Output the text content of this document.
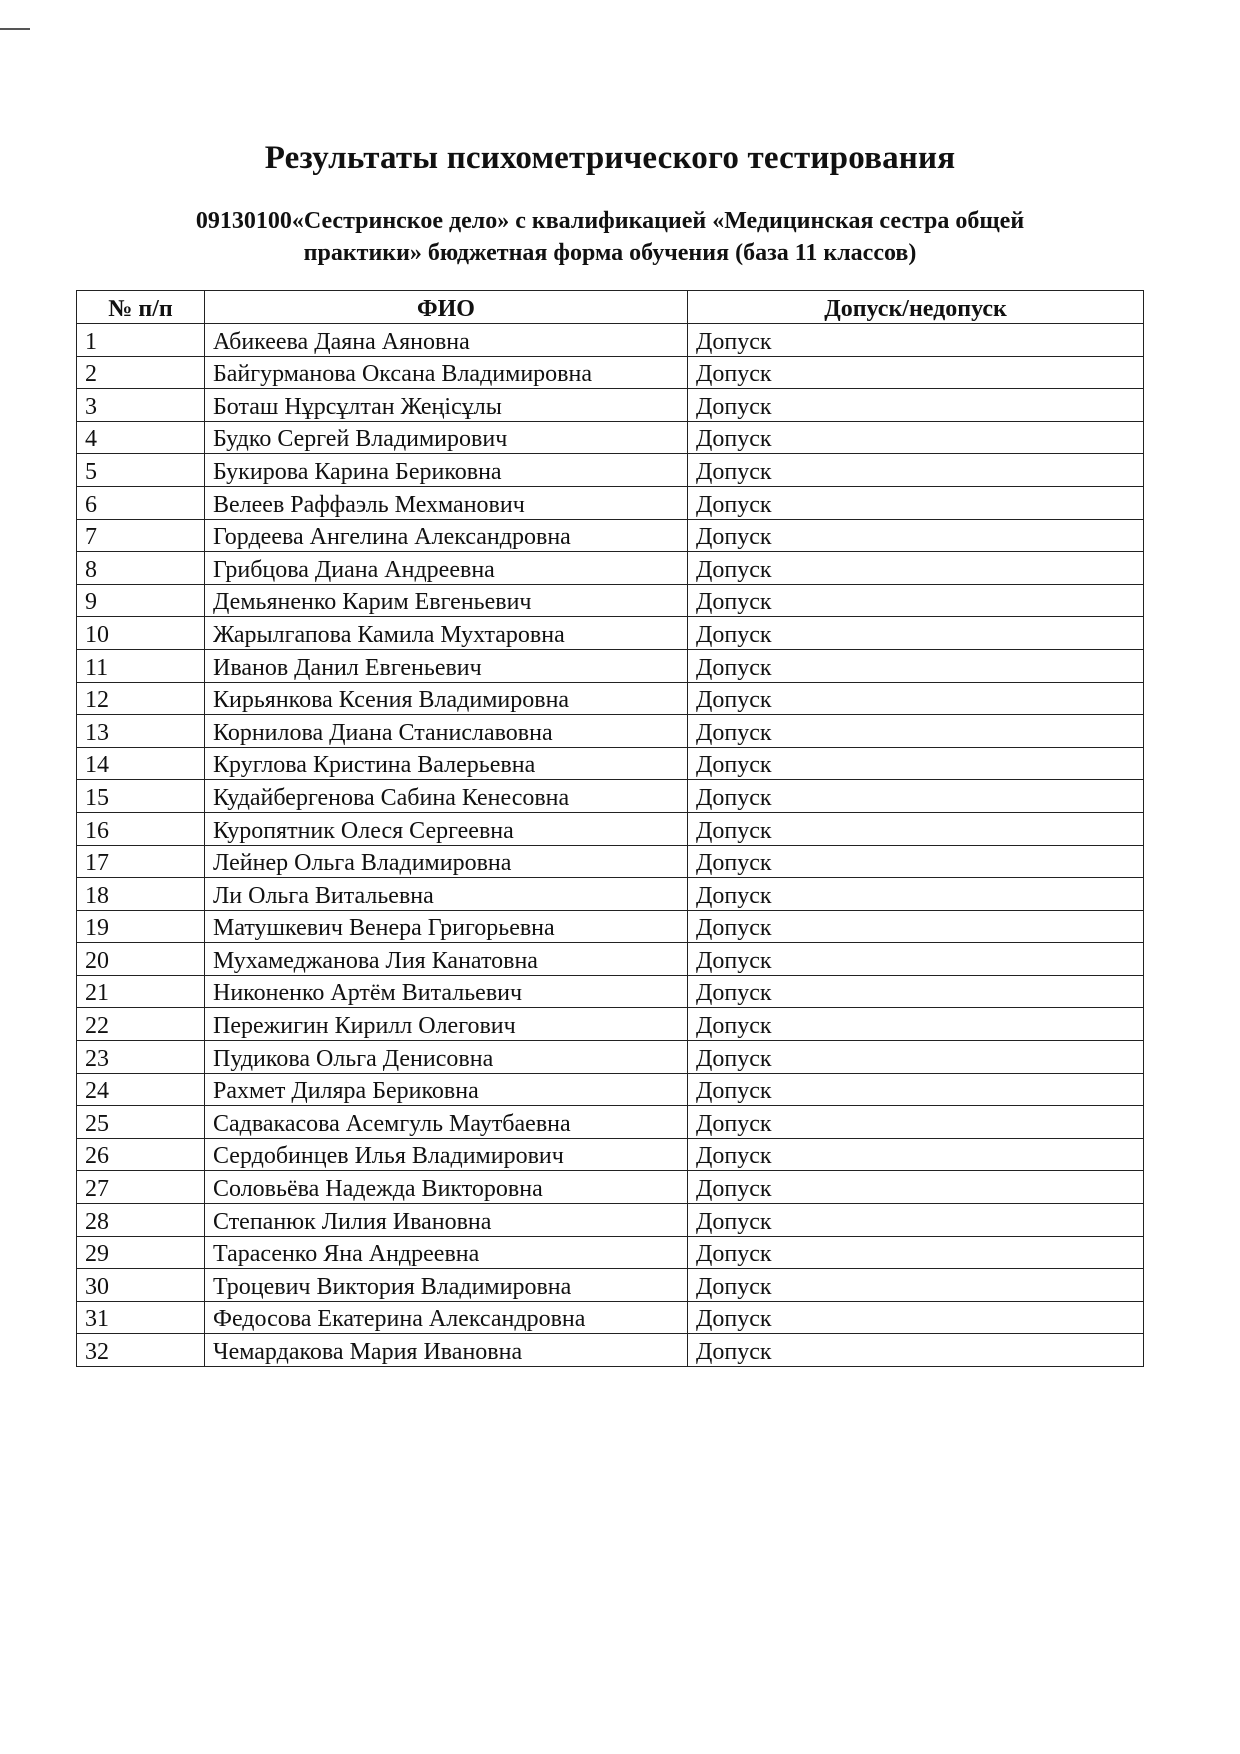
Результаты психометрического тестирования
09130100«Сестринское дело» с квалификацией «Медицинская сестра общей
практики» бюджетная форма обучения (база 11 классов)
№ п/п	ФИО	Допуск/недопуск
1	Абикеева Даяна Аяновна	Допуск
2	Байгурманова Оксана Владимировна	Допуск
3	Боташ Нұрсұлтан Жеңісұлы	Допуск
4	Будко Сергей Владимирович	Допуск
5	Букирова Карина Бериковна	Допуск
6	Велеев Раффаэль Мехманович	Допуск
7	Гордеева Ангелина Александровна	Допуск
8	Грибцова Диана Андреевна	Допуск
9	Демьяненко Карим Евгеньевич	Допуск
10	Жарылгапова Камила Мухтаровна	Допуск
11	Иванов Данил Евгеньевич	Допуск
12	Кирьянкова Ксения Владимировна	Допуск
13	Корнилова Диана Станиславовна	Допуск
14	Круглова Кристина Валерьевна	Допуск
15	Кудайбергенова Сабина Кенесовна	Допуск
16	Куропятник Олеся Сергеевна	Допуск
17	Лейнер Ольга Владимировна	Допуск
18	Ли Ольга Витальевна	Допуск
19	Матушкевич Венера Григорьевна	Допуск
20	Мухамеджанова Лия Канатовна	Допуск
21	Никоненко Артём Витальевич	Допуск
22	Пережигин Кирилл Олегович	Допуск
23	Пудикова Ольга Денисовна	Допуск
24	Рахмет Диляра Бериковна	Допуск
25	Садвакасова Асемгуль Маутбаевна	Допуск
26	Сердобинцев Илья Владимирович	Допуск
27	Соловьёва Надежда Викторовна	Допуск
28	Степанюк Лилия Ивановна	Допуск
29	Тарасенко Яна Андреевна	Допуск
30	Троцевич Виктория Владимировна	Допуск
31	Федосова Екатерина Александровна	Допуск
32	Чемардакова Мария Ивановна	Допуск
